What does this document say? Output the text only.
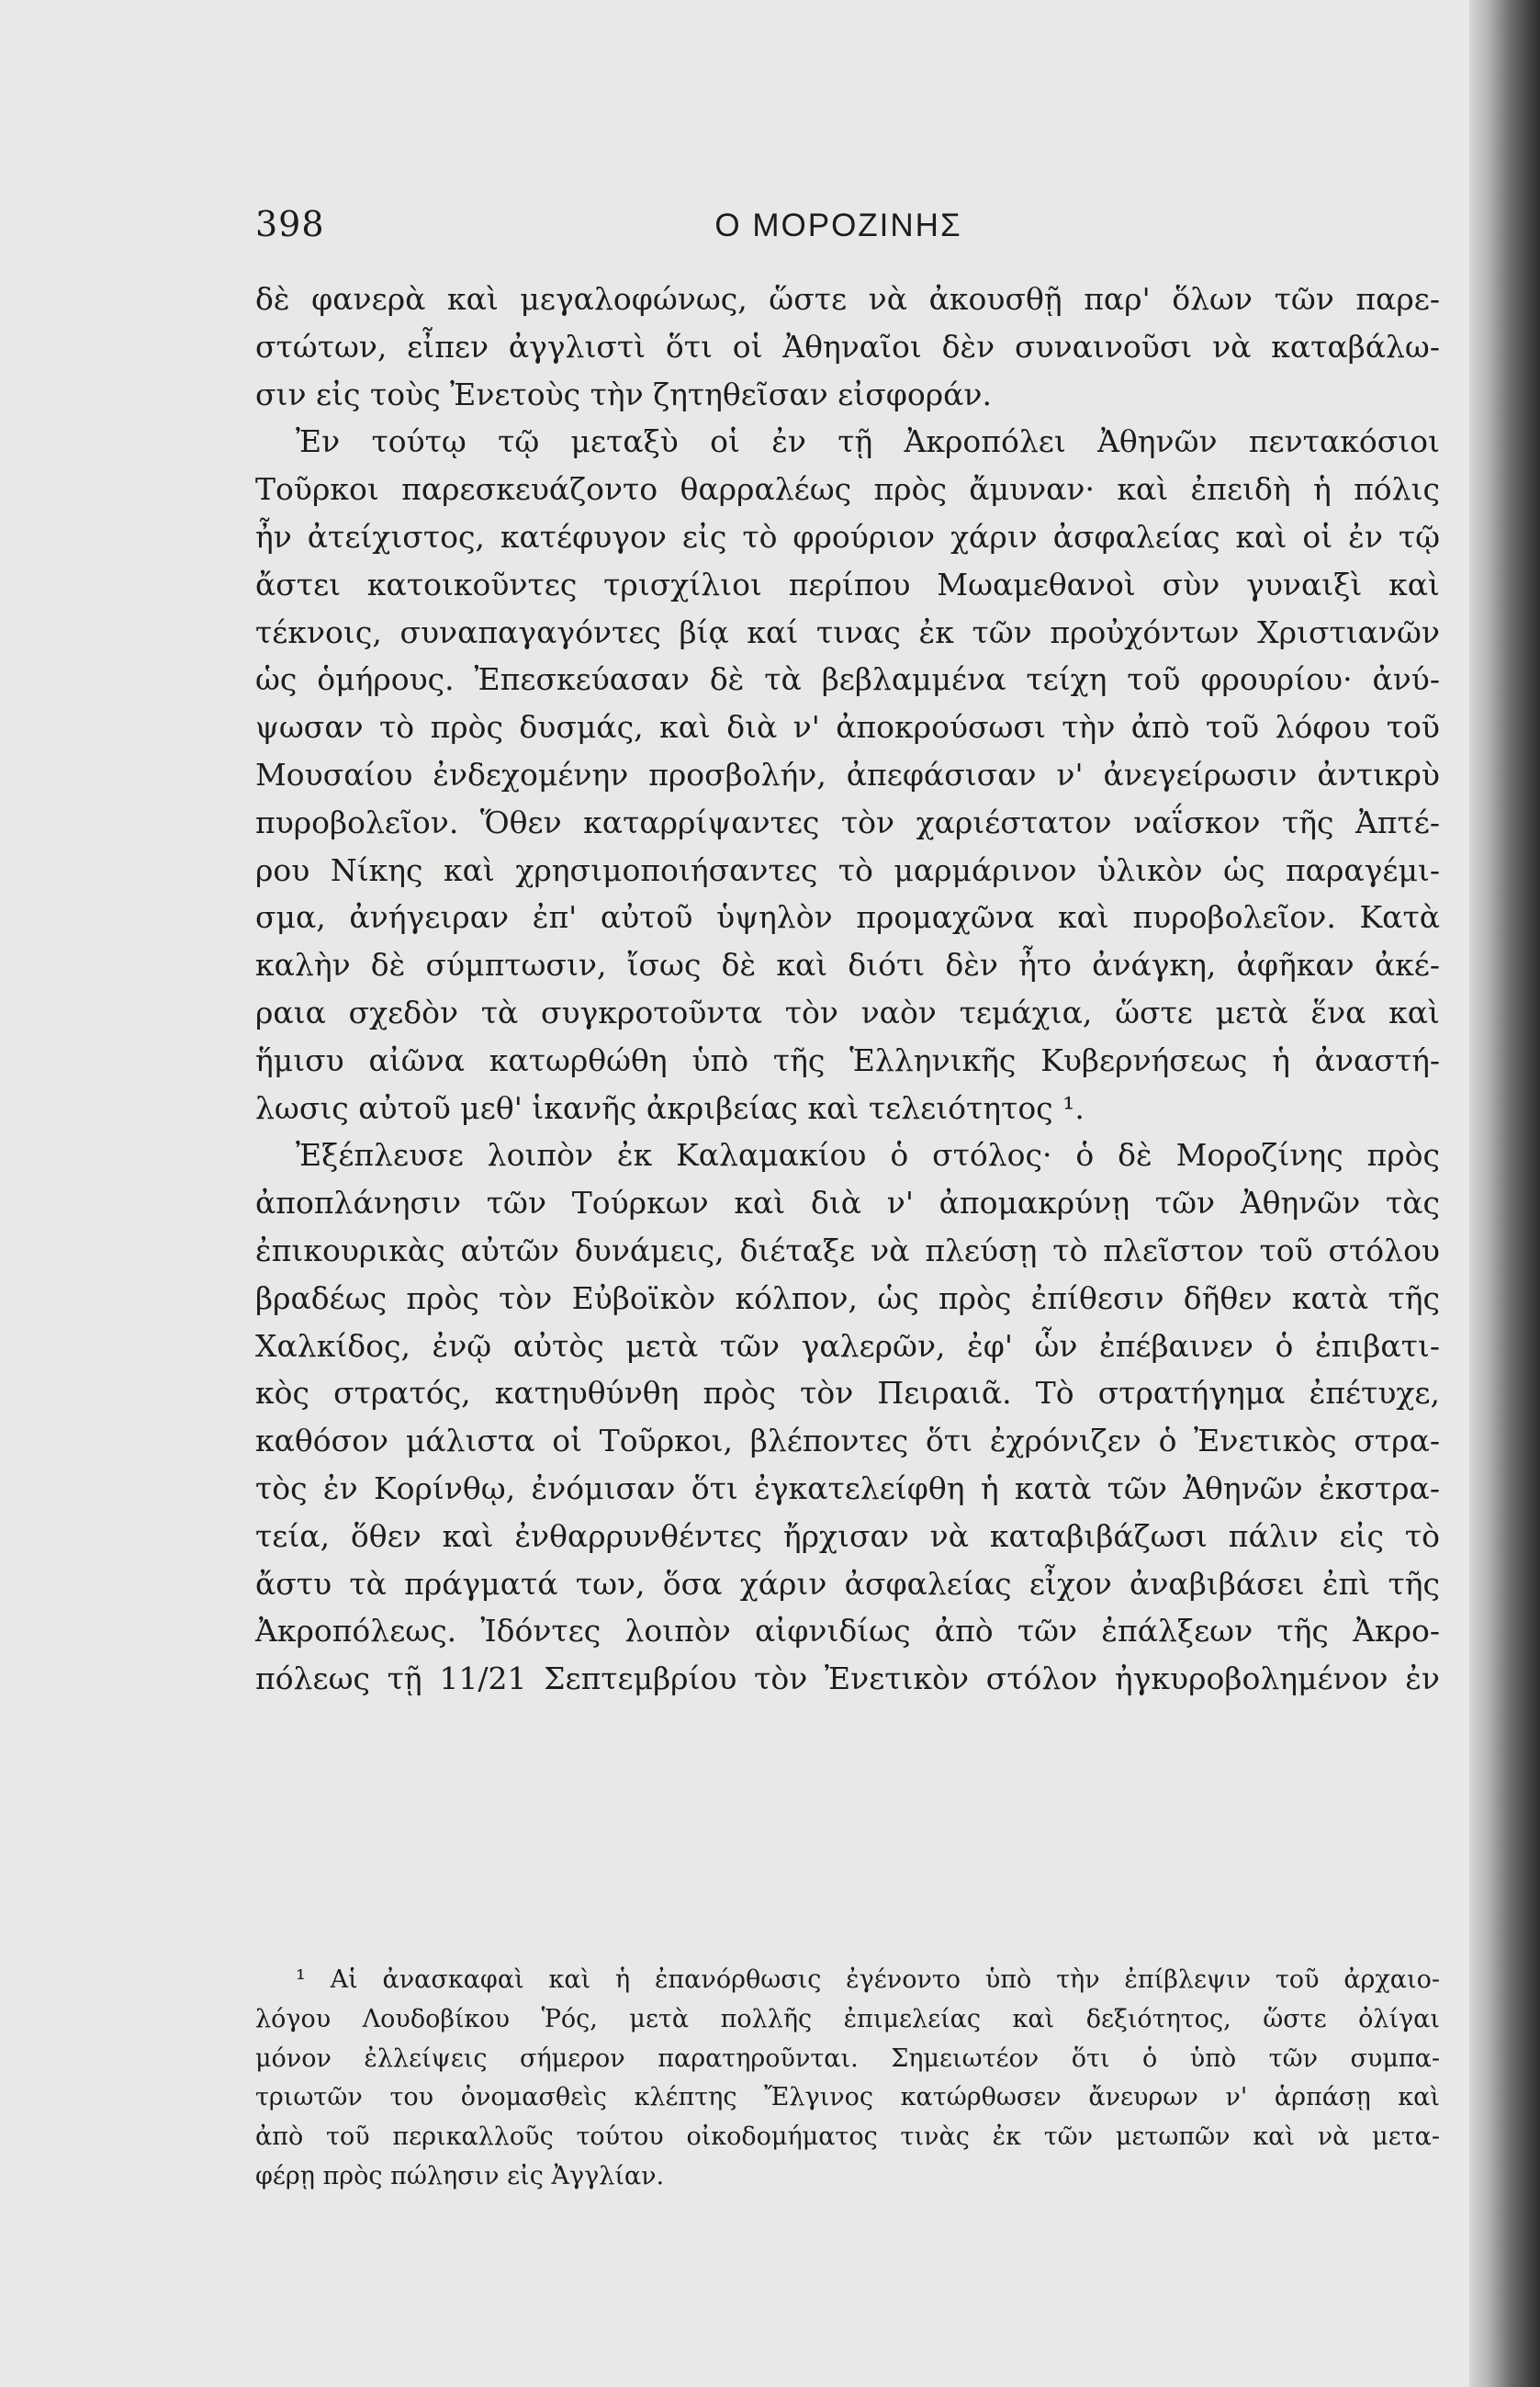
398	Ο ΜΟΡΟΖΙΝΗΣ
δὲ φανερὰ καὶ μεγαλοφώνως, ὥστε νὰ ἀκουσθῇ παρ' ὅλων τῶν παρε-
στώτων, εἶπεν ἀγγλιστὶ ὅτι οἱ Ἀθηναῖοι δὲν συναινοῦσι νὰ καταβάλω-
σιν εἰς τοὺς Ἐνετοὺς τὴν ζητηθεῖσαν εἰσφοράν.
Ἐν τούτῳ τῷ μεταξὺ οἱ ἐν τῇ Ἀκροπόλει Ἀθηνῶν πεντακόσιοι
Τοῦρκοι παρεσκευάζοντο θαρραλέως πρὸς ἄμυναν· καὶ ἐπειδὴ ἡ πόλις
ἦν ἀτείχιστος, κατέφυγον εἰς τὸ φρούριον χάριν ἀσφαλείας καὶ οἱ ἐν τῷ
ἄστει κατοικοῦντες τρισχίλιοι περίπου Μωαμεθανοὶ σὺν γυναιξὶ καὶ
τέκνοις, συναπαγαγόντες βίᾳ καί τινας ἐκ τῶν προὐχόντων Χριστιανῶν
ὡς ὁμήρους. Ἐπεσκεύασαν δὲ τὰ βεβλαμμένα τείχη τοῦ φρουρίου· ἀνύ-
ψωσαν τὸ πρὸς δυσμάς, καὶ διὰ ν' ἀποκρούσωσι τὴν ἀπὸ τοῦ λόφου τοῦ
Μουσαίου ἐνδεχομένην προσβολήν, ἀπεφάσισαν ν' ἀνεγείρωσιν ἀντικρὺ
πυροβολεῖον. Ὅθεν καταρρίψαντες τὸν χαριέστατον ναΐσκον τῆς Ἀπτέ-
ρου Νίκης καὶ χρησιμοποιήσαντες τὸ μαρμάρινον ὑλικὸν ὡς παραγέμι-
σμα, ἀνήγειραν ἐπ' αὐτοῦ ὑψηλὸν προμαχῶνα καὶ πυροβολεῖον. Κατὰ
καλὴν δὲ σύμπτωσιν, ἴσως δὲ καὶ διότι δὲν ἦτο ἀνάγκη, ἀφῆκαν ἀκέ-
ραια σχεδὸν τὰ συγκροτοῦντα τὸν ναὸν τεμάχια, ὥστε μετὰ ἕνα καὶ
ἥμισυ αἰῶνα κατωρθώθη ὑπὸ τῆς Ἑλληνικῆς Κυβερνήσεως ἡ ἀναστή-
λωσις αὐτοῦ μεθ' ἱκανῆς ἀκριβείας καὶ τελειότητος ¹.
Ἐξέπλευσε λοιπὸν ἐκ Καλαμακίου ὁ στόλος· ὁ δὲ Μοροζίνης πρὸς
ἀποπλάνησιν τῶν Τούρκων καὶ διὰ ν' ἀπομακρύνῃ τῶν Ἀθηνῶν τὰς
ἐπικουρικὰς αὐτῶν δυνάμεις, διέταξε νὰ πλεύσῃ τὸ πλεῖστον τοῦ στόλου
βραδέως πρὸς τὸν Εὐβοϊκὸν κόλπον, ὡς πρὸς ἐπίθεσιν δῆθεν κατὰ τῆς
Χαλκίδος, ἐνῷ αὐτὸς μετὰ τῶν γαλερῶν, ἐφ' ὧν ἐπέβαινεν ὁ ἐπιβατι-
κὸς στρατός, κατηυθύνθη πρὸς τὸν Πειραιᾶ. Τὸ στρατήγημα ἐπέτυχε,
καθόσον μάλιστα οἱ Τοῦρκοι, βλέποντες ὅτι ἐχρόνιζεν ὁ Ἐνετικὸς στρα-
τὸς ἐν Κορίνθῳ, ἐνόμισαν ὅτι ἐγκατελείφθη ἡ κατὰ τῶν Ἀθηνῶν ἐκστρα-
τεία, ὅθεν καὶ ἐνθαρρυνθέντες ἤρχισαν νὰ καταβιβάζωσι πάλιν εἰς τὸ
ἄστυ τὰ πράγματά των, ὅσα χάριν ἀσφαλείας εἶχον ἀναβιβάσει ἐπὶ τῆς
Ἀκροπόλεως. Ἰδόντες λοιπὸν αἰφνιδίως ἀπὸ τῶν ἐπάλξεων τῆς Ἀκρο-
πόλεως τῇ 11/21 Σεπτεμβρίου τὸν Ἐνετικὸν στόλον ἠγκυροβολημένον ἐν
¹ Αἱ ἀνασκαφαὶ καὶ ἡ ἐπανόρθωσις ἐγένοντο ὑπὸ τὴν ἐπίβλεψιν τοῦ ἀρχαιο-
λόγου Λουδοβίκου Ῥός, μετὰ πολλῆς ἐπιμελείας καὶ δεξιότητος, ὥστε ὀλίγαι
μόνον ἐλλείψεις σήμερον παρατηροῦνται. Σημειωτέον ὅτι ὁ ὑπὸ τῶν συμπα-
τριωτῶν του ὀνομασθεὶς κλέπτης Ἔλγινος κατώρθωσεν ἄνευρων ν' ἁρπάσῃ καὶ
ἀπὸ τοῦ περικαλλοῦς τούτου οἰκοδομήματος τινὰς ἐκ τῶν μετωπῶν καὶ νὰ μετα-
φέρῃ πρὸς πώλησιν εἰς Ἀγγλίαν.
